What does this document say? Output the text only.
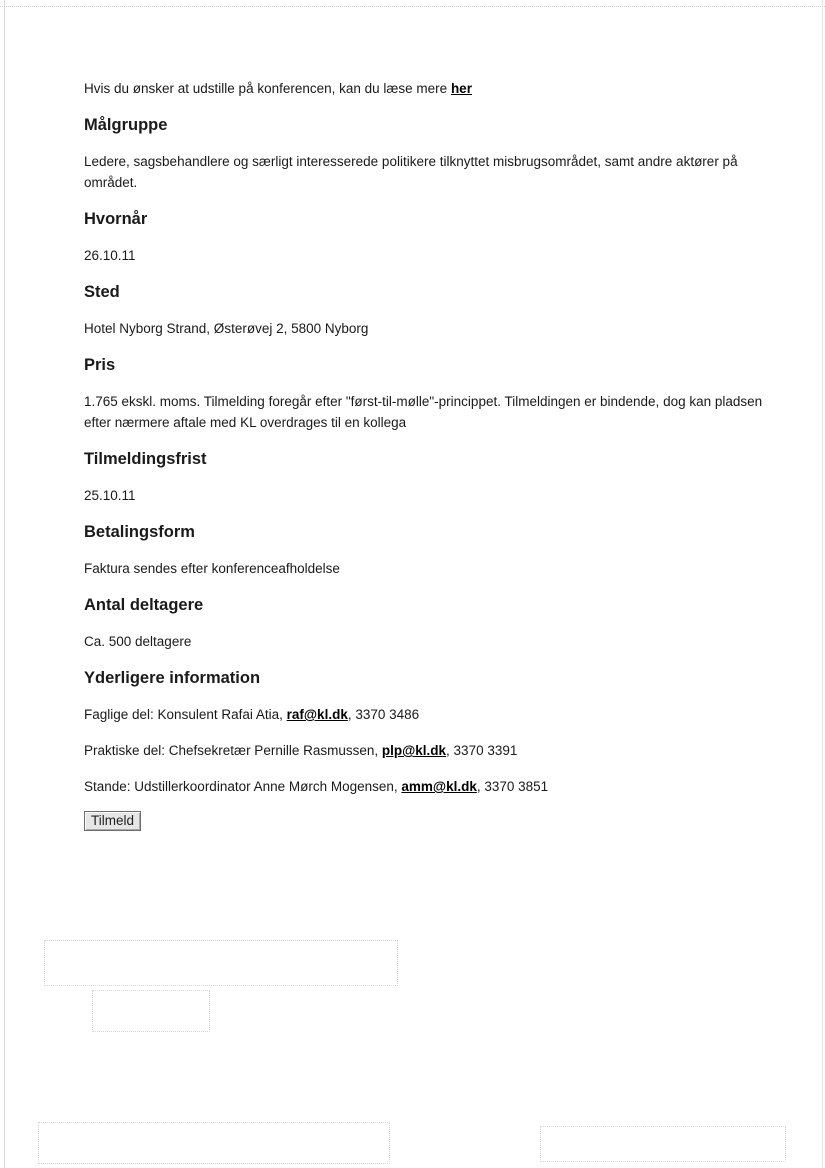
Hvis du ønsker at udstille på konferencen, kan du læse mere her

Målgruppe

Ledere, sagsbehandlere og særligt interesserede politikere tilknyttet misbrugsområdet, samt andre aktører på området.

Hvornår

26.10.11

Sted

Hotel Nyborg Strand, Østerøvej 2, 5800 Nyborg

Pris

1.765 ekskl. moms. Tilmelding foregår efter "først-til-mølle"-princippet. Tilmeldingen er bindende, dog kan pladsen efter nærmere aftale med KL overdrages til en kollega

Tilmeldingsfrist

25.10.11

Betalingsform

Faktura sendes efter konferenceafholdelse

Antal deltagere

Ca. 500 deltagere

Yderligere information

Faglige del: Konsulent Rafai Atia, raf@kl.dk, 3370 3486

Praktiske del: Chefsekretær Pernille Rasmussen, plp@kl.dk, 3370 3391

Stande: Udstillerkoordinator Anne Mørch Mogensen, amm@kl.dk, 3370 3851

Tilmeld
